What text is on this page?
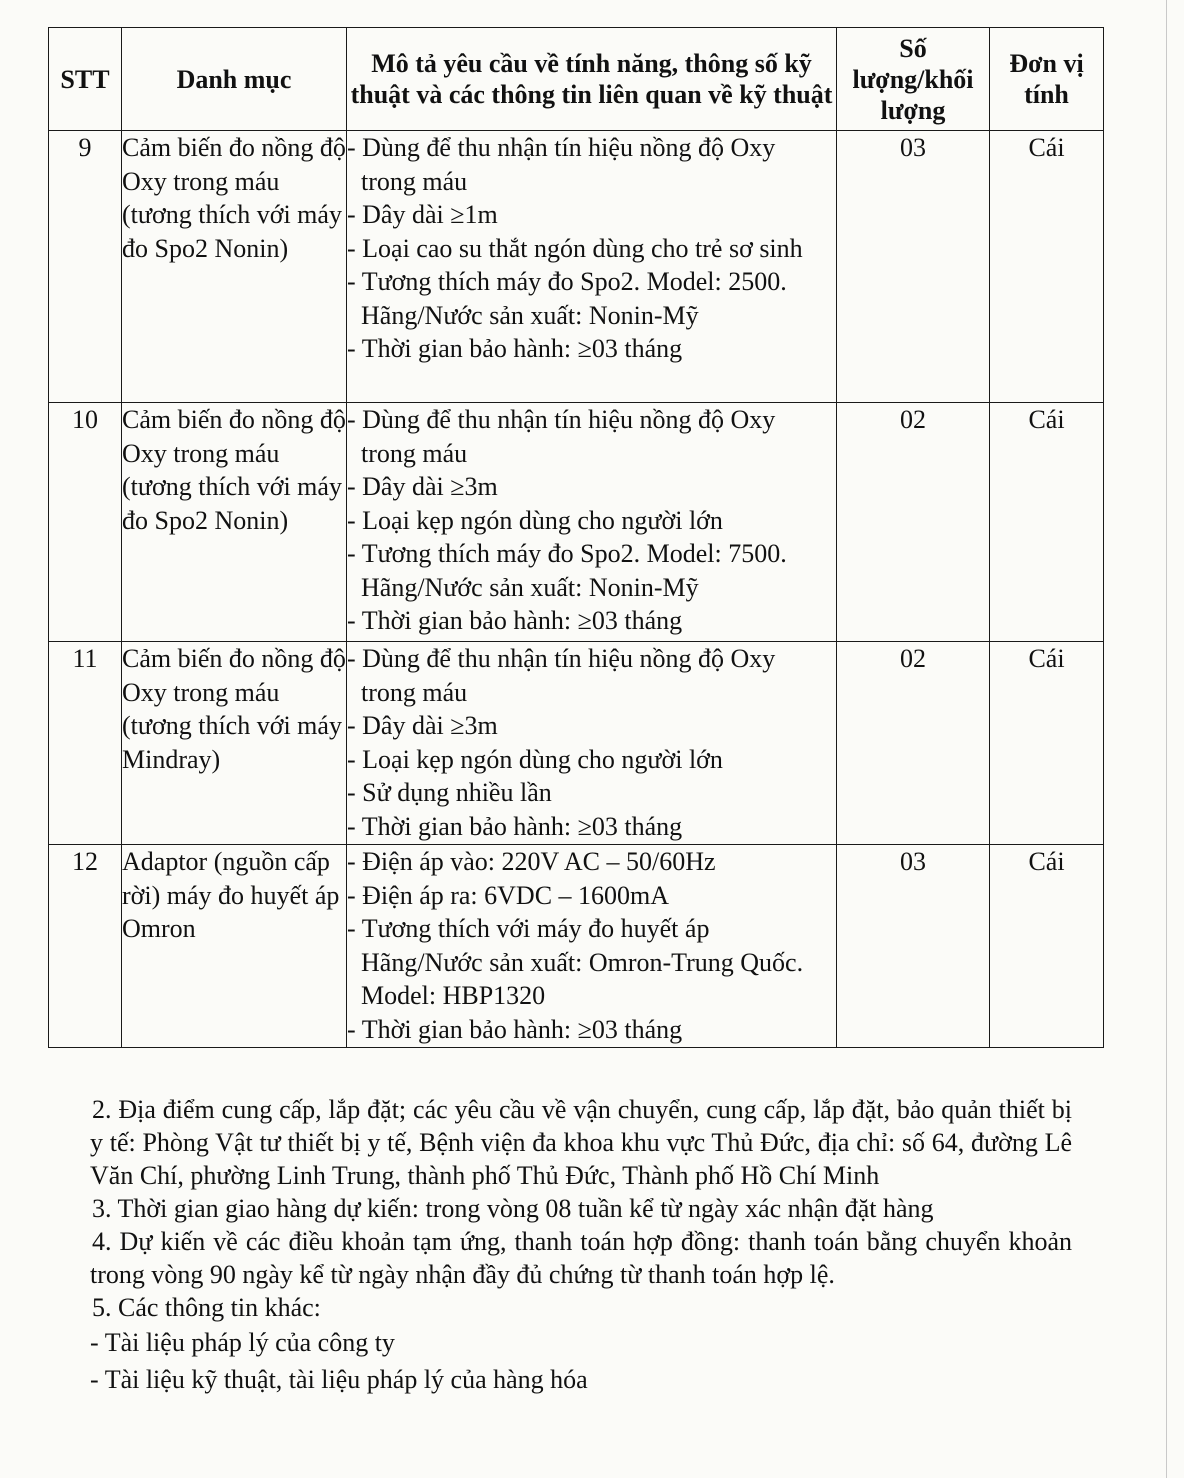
STT	Danh mục	Mô tả yêu cầu về tính năng, thông số kỹ thuật và các thông tin liên quan về kỹ thuật	Số lượng/khối lượng	Đơn vị tính
9	Cảm biến đo nồng độ Oxy trong máu (tương thích với máy đo Spo2 Nonin)	- Dùng để thu nhận tín hiệu nồng độ Oxy trong máu
- Dây dài ≥1m
- Loại cao su thắt ngón dùng cho trẻ sơ sinh
- Tương thích máy đo Spo2. Model: 2500. Hãng/Nước sản xuất: Nonin-Mỹ
- Thời gian bảo hành: ≥03 tháng	03	Cái
10	Cảm biến đo nồng độ Oxy trong máu (tương thích với máy đo Spo2 Nonin)	- Dùng để thu nhận tín hiệu nồng độ Oxy trong máu
- Dây dài ≥3m
- Loại kẹp ngón dùng cho người lớn
- Tương thích máy đo Spo2. Model: 7500. Hãng/Nước sản xuất: Nonin-Mỹ
- Thời gian bảo hành: ≥03 tháng	02	Cái
11	Cảm biến đo nồng độ Oxy trong máu (tương thích với máy Mindray)	- Dùng để thu nhận tín hiệu nồng độ Oxy trong máu
- Dây dài ≥3m
- Loại kẹp ngón dùng cho người lớn
- Sử dụng nhiều lần
- Thời gian bảo hành: ≥03 tháng	02	Cái
12	Adaptor (nguồn cấp rời) máy đo huyết áp Omron	- Điện áp vào: 220V AC – 50/60Hz
- Điện áp ra: 6VDC – 1600mA
- Tương thích với máy đo huyết áp Hãng/Nước sản xuất: Omron-Trung Quốc. Model: HBP1320
- Thời gian bảo hành: ≥03 tháng	03	Cái
2. Địa điểm cung cấp, lắp đặt; các yêu cầu về vận chuyển, cung cấp, lắp đặt, bảo quản thiết bị y tế: Phòng Vật tư thiết bị y tế, Bệnh viện đa khoa khu vực Thủ Đức, địa chỉ: số 64, đường Lê Văn Chí, phường Linh Trung, thành phố Thủ Đức, Thành phố Hồ Chí Minh
3. Thời gian giao hàng dự kiến: trong vòng 08 tuần kể từ ngày xác nhận đặt hàng
4. Dự kiến về các điều khoản tạm ứng, thanh toán hợp đồng: thanh toán bằng chuyển khoản trong vòng 90 ngày kể từ ngày nhận đầy đủ chứng từ thanh toán hợp lệ.
5. Các thông tin khác:
- Tài liệu pháp lý của công ty
- Tài liệu kỹ thuật, tài liệu pháp lý của hàng hóa
